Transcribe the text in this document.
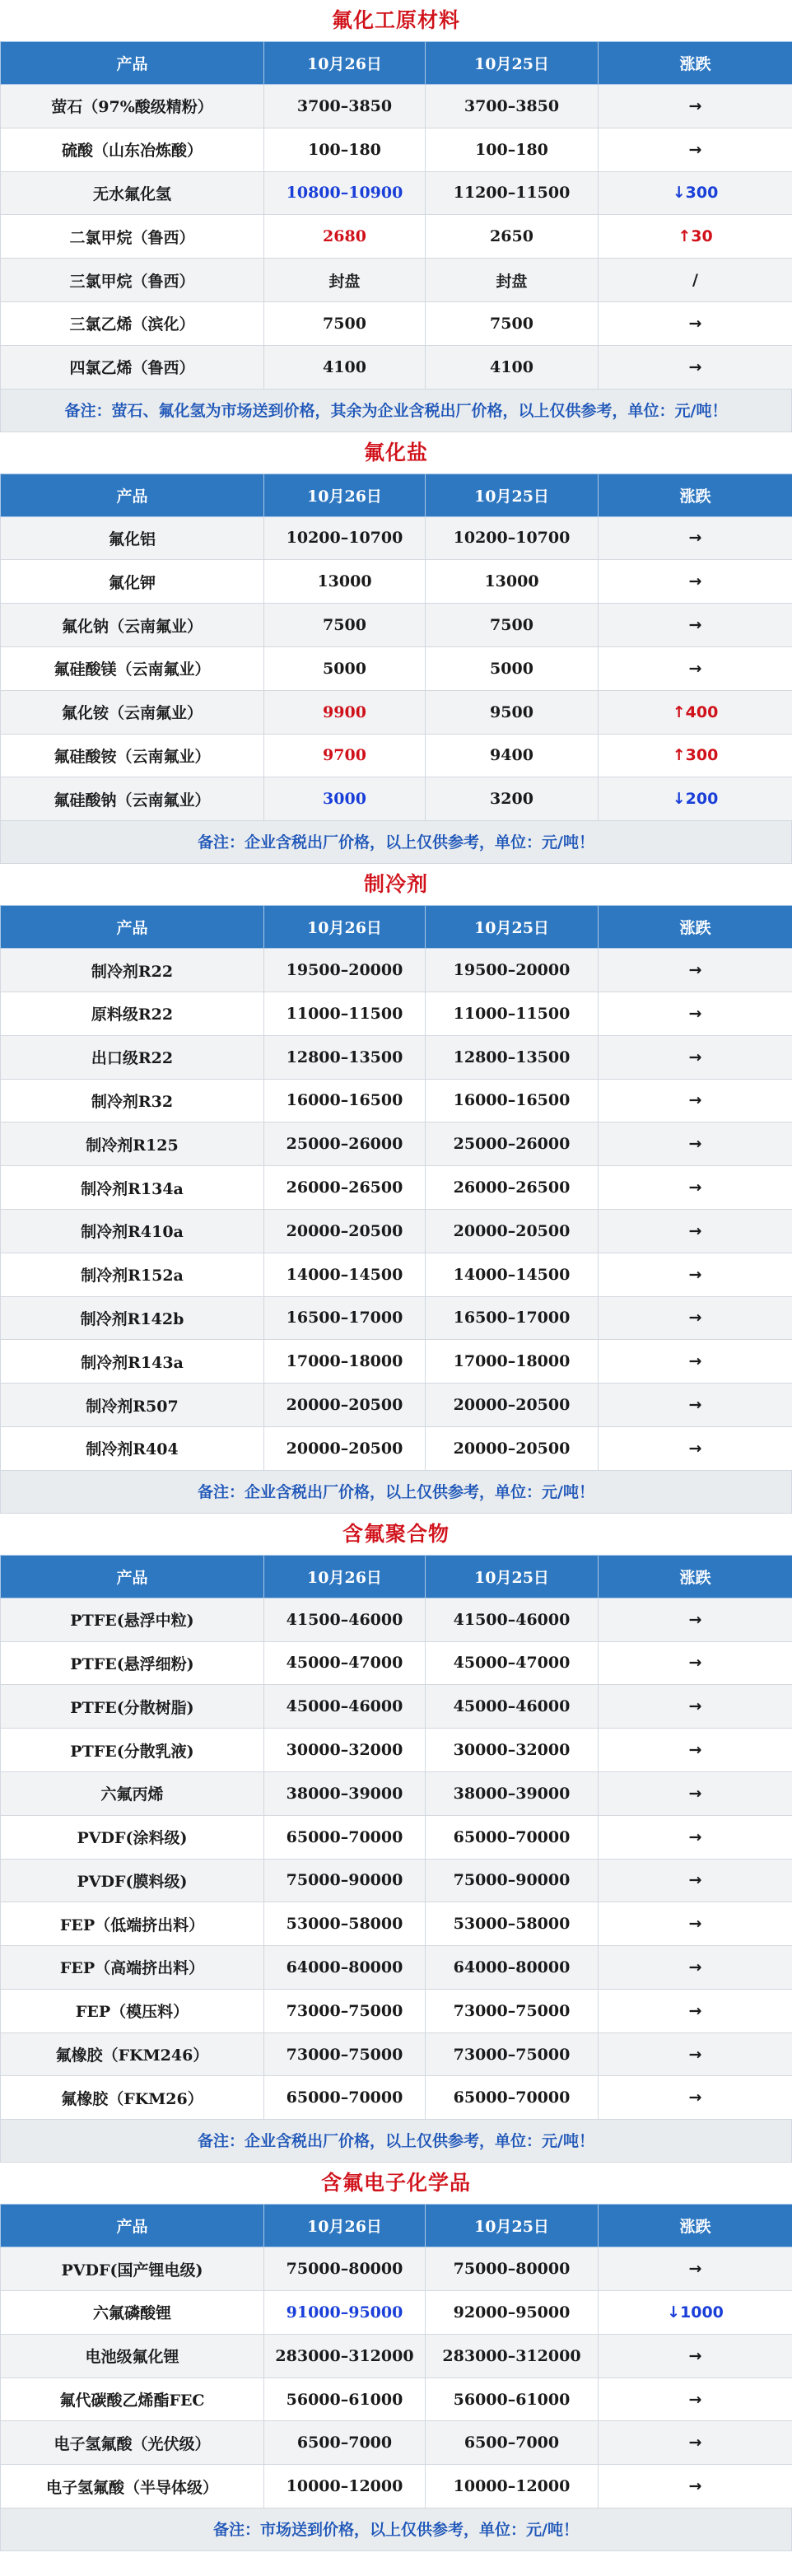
氟化工原材料
产品	10月26日	10月25日	涨跌
萤石（97%酸级精粉）	3700–3850	3700–3850	→
硫酸（山东冶炼酸）	100–180	100–180	→
无水氟化氢	10800–10900	11200–11500	↓300
二氯甲烷（鲁西）	2680	2650	↑30
三氯甲烷（鲁西）	封盘	封盘	/
三氯乙烯（滨化）	7500	7500	→
四氯乙烯（鲁西）	4100	4100	→
备注：萤石、氟化氢为市场送到价格，其余为企业含税出厂价格，以上仅供参考，单位：元/吨！
氟化盐
产品	10月26日	10月25日	涨跌
氟化铝	10200–10700	10200–10700	→
氟化钾	13000	13000	→
氟化钠（云南氟业）	7500	7500	→
氟硅酸镁（云南氟业）	5000	5000	→
氟化铵（云南氟业）	9900	9500	↑400
氟硅酸铵（云南氟业）	9700	9400	↑300
氟硅酸钠（云南氟业）	3000	3200	↓200
备注：企业含税出厂价格，以上仅供参考，单位：元/吨！
制冷剂
产品	10月26日	10月25日	涨跌
制冷剂R22	19500–20000	19500–20000	→
原料级R22	11000–11500	11000–11500	→
出口级R22	12800–13500	12800–13500	→
制冷剂R32	16000–16500	16000–16500	→
制冷剂R125	25000–26000	25000–26000	→
制冷剂R134a	26000–26500	26000–26500	→
制冷剂R410a	20000–20500	20000–20500	→
制冷剂R152a	14000–14500	14000–14500	→
制冷剂R142b	16500–17000	16500–17000	→
制冷剂R143a	17000–18000	17000–18000	→
制冷剂R507	20000–20500	20000–20500	→
制冷剂R404	20000–20500	20000–20500	→
备注：企业含税出厂价格，以上仅供参考，单位：元/吨！
含氟聚合物
产品	10月26日	10月25日	涨跌
PTFE(悬浮中粒)	41500–46000	41500–46000	→
PTFE(悬浮细粉)	45000–47000	45000–47000	→
PTFE(分散树脂)	45000–46000	45000–46000	→
PTFE(分散乳液)	30000–32000	30000–32000	→
六氟丙烯	38000–39000	38000–39000	→
PVDF(涂料级)	65000–70000	65000–70000	→
PVDF(膜料级)	75000–90000	75000–90000	→
FEP（低端挤出料）	53000–58000	53000–58000	→
FEP（高端挤出料）	64000–80000	64000–80000	→
FEP（模压料）	73000–75000	73000–75000	→
氟橡胶（FKM246）	73000–75000	73000–75000	→
氟橡胶（FKM26）	65000–70000	65000–70000	→
备注：企业含税出厂价格，以上仅供参考，单位：元/吨！
含氟电子化学品
产品	10月26日	10月25日	涨跌
PVDF(国产锂电级)	75000–80000	75000–80000	→
六氟磷酸锂	91000–95000	92000–95000	↓1000
电池级氟化锂	283000–312000	283000–312000	→
氟代碳酸乙烯酯FEC	56000–61000	56000–61000	→
电子氢氟酸（光伏级）	6500–7000	6500–7000	→
电子氢氟酸（半导体级）	10000–12000	10000–12000	→
备注：市场送到价格，以上仅供参考，单位：元/吨！
